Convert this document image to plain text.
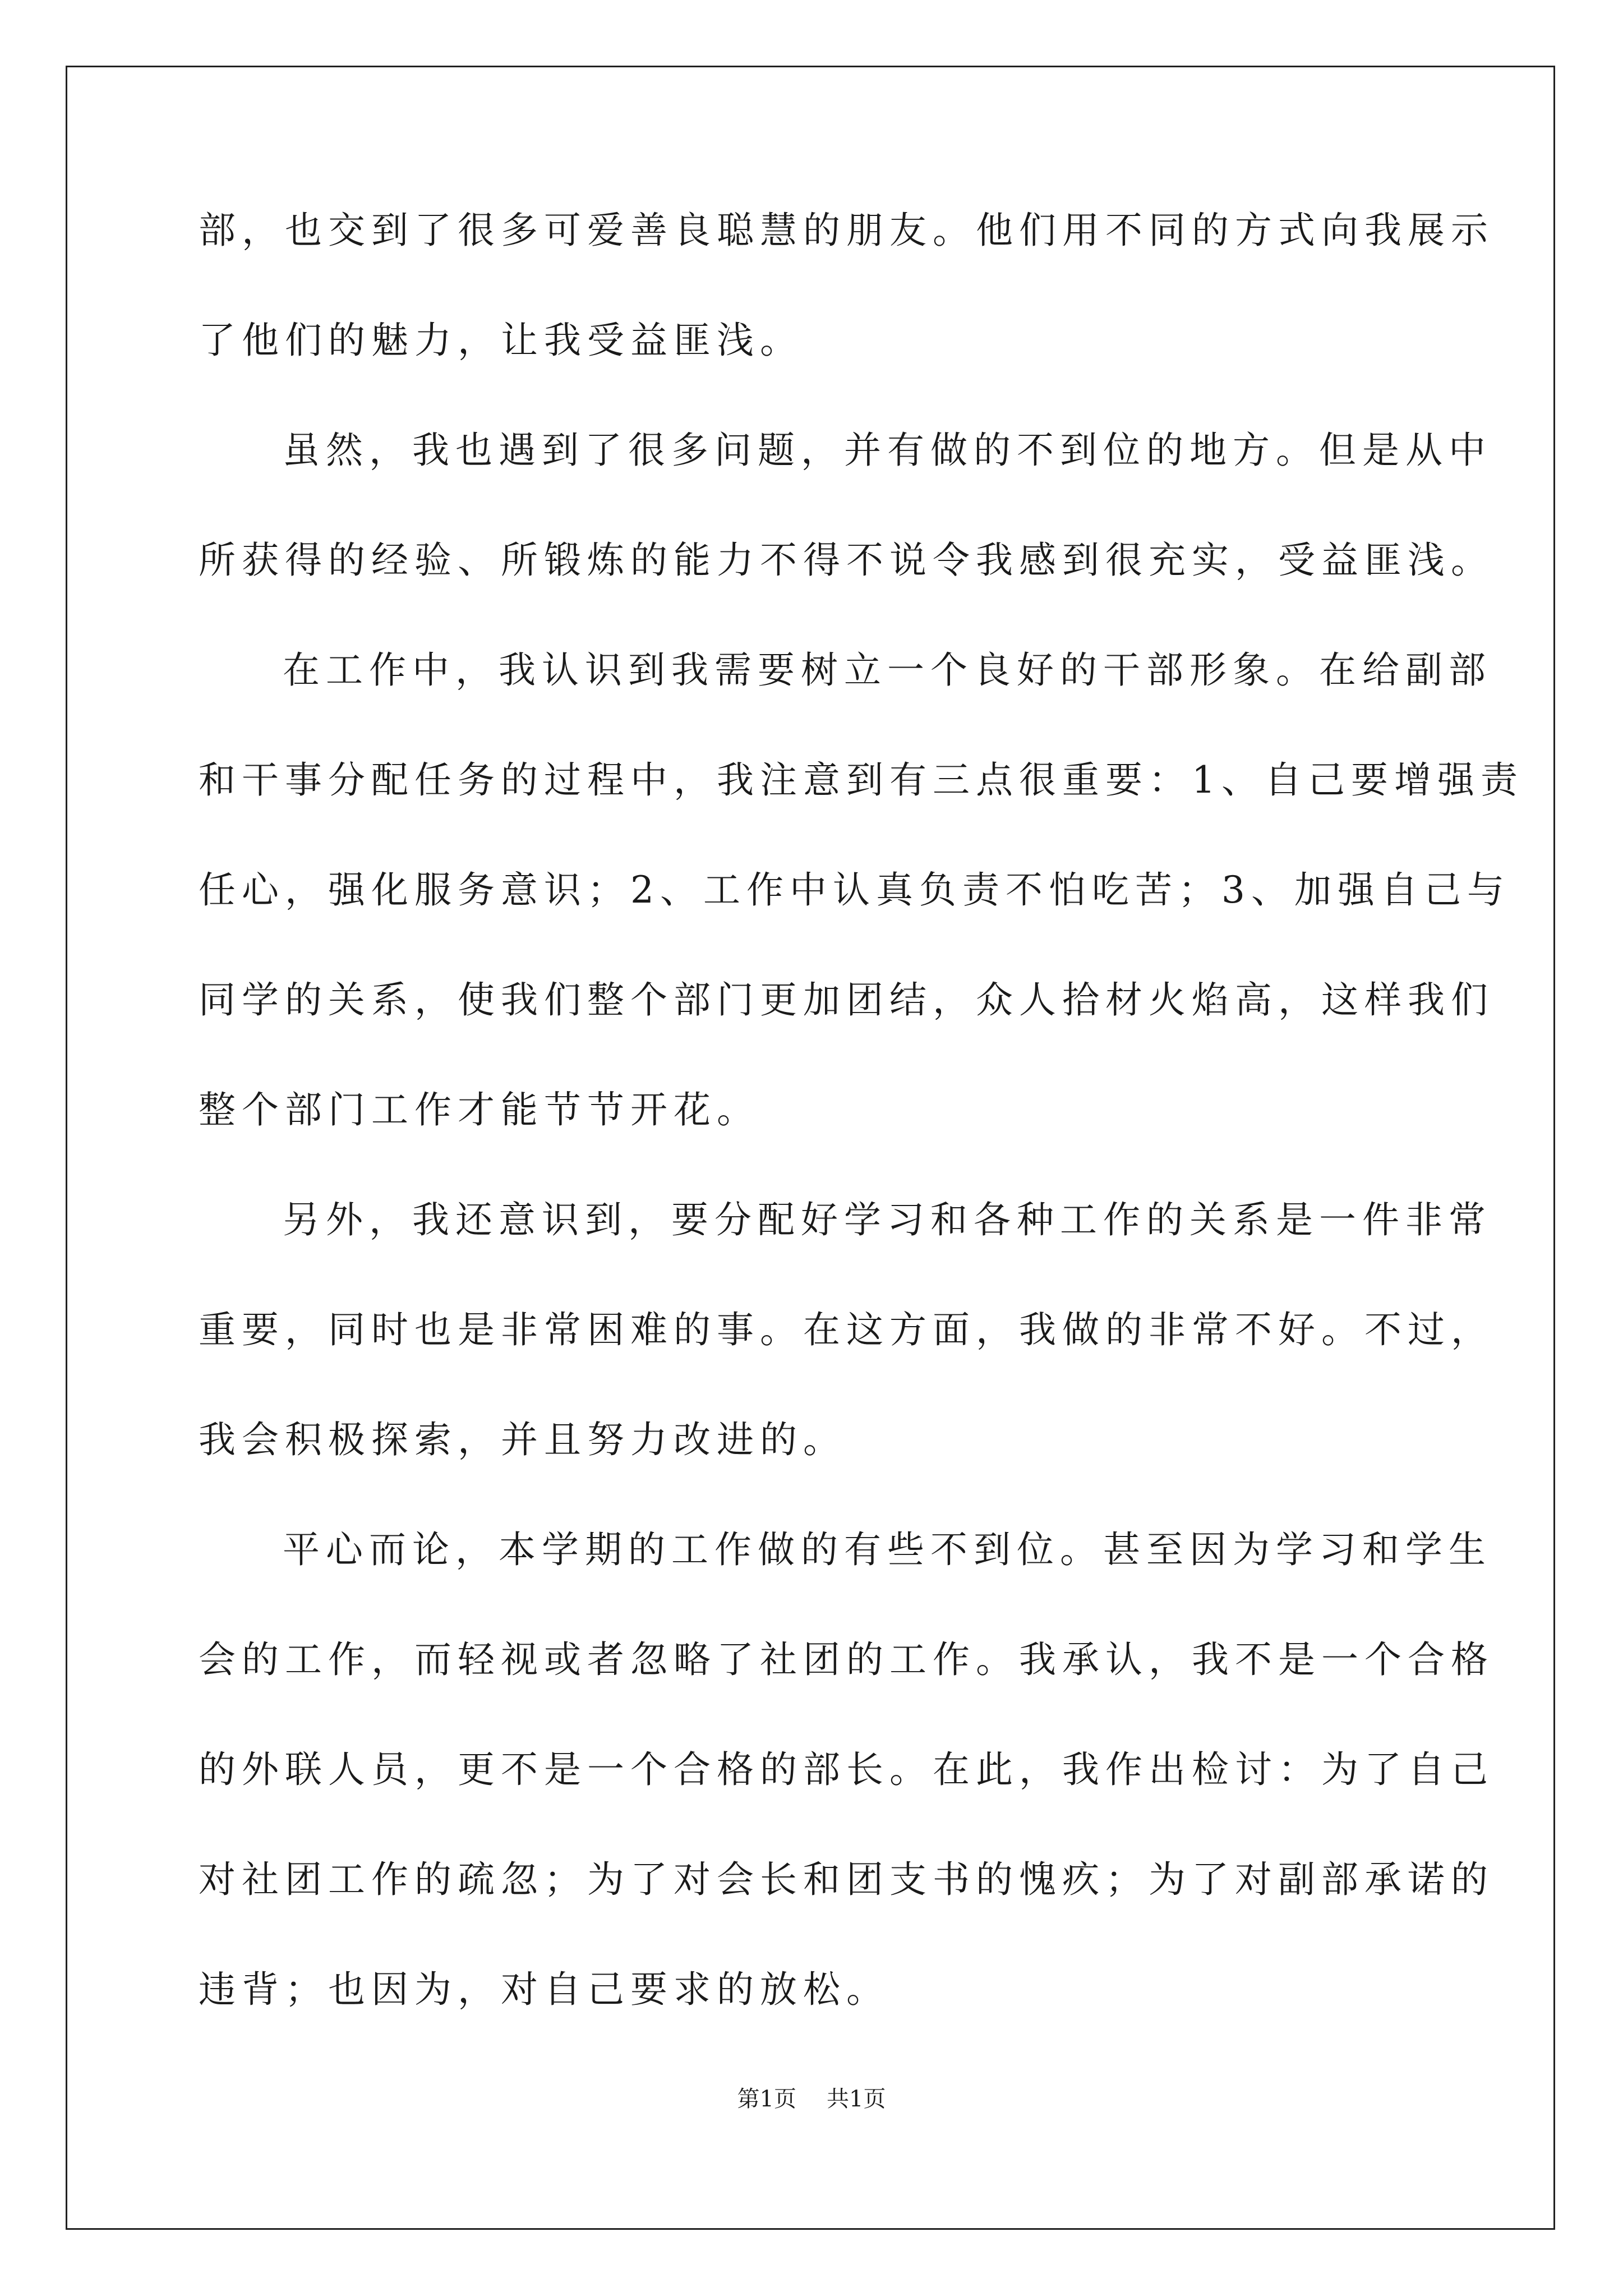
部，也交到了很多可爱善良聪慧的朋友。他们用不同的方式向我展示
了他们的魅力，让我受益匪浅。
虽然，我也遇到了很多问题，并有做的不到位的地方。但是从中
所获得的经验、所锻炼的能力不得不说令我感到很充实，受益匪浅。
在工作中，我认识到我需要树立一个良好的干部形象。在给副部
和干事分配任务的过程中，我注意到有三点很重要：1、自己要增强责
任心，强化服务意识；2、工作中认真负责不怕吃苦；3、加强自己与
同学的关系，使我们整个部门更加团结，众人拾材火焰高，这样我们
整个部门工作才能节节开花。
另外，我还意识到，要分配好学习和各种工作的关系是一件非常
重要，同时也是非常困难的事。在这方面，我做的非常不好。不过，
我会积极探索，并且努力改进的。
平心而论，本学期的工作做的有些不到位。甚至因为学习和学生
会的工作，而轻视或者忽略了社团的工作。我承认，我不是一个合格
的外联人员，更不是一个合格的部长。在此，我作出检讨：为了自己
对社团工作的疏忽；为了对会长和团支书的愧疚；为了对副部承诺的
违背；也因为，对自己要求的放松。
第1页 共1页
